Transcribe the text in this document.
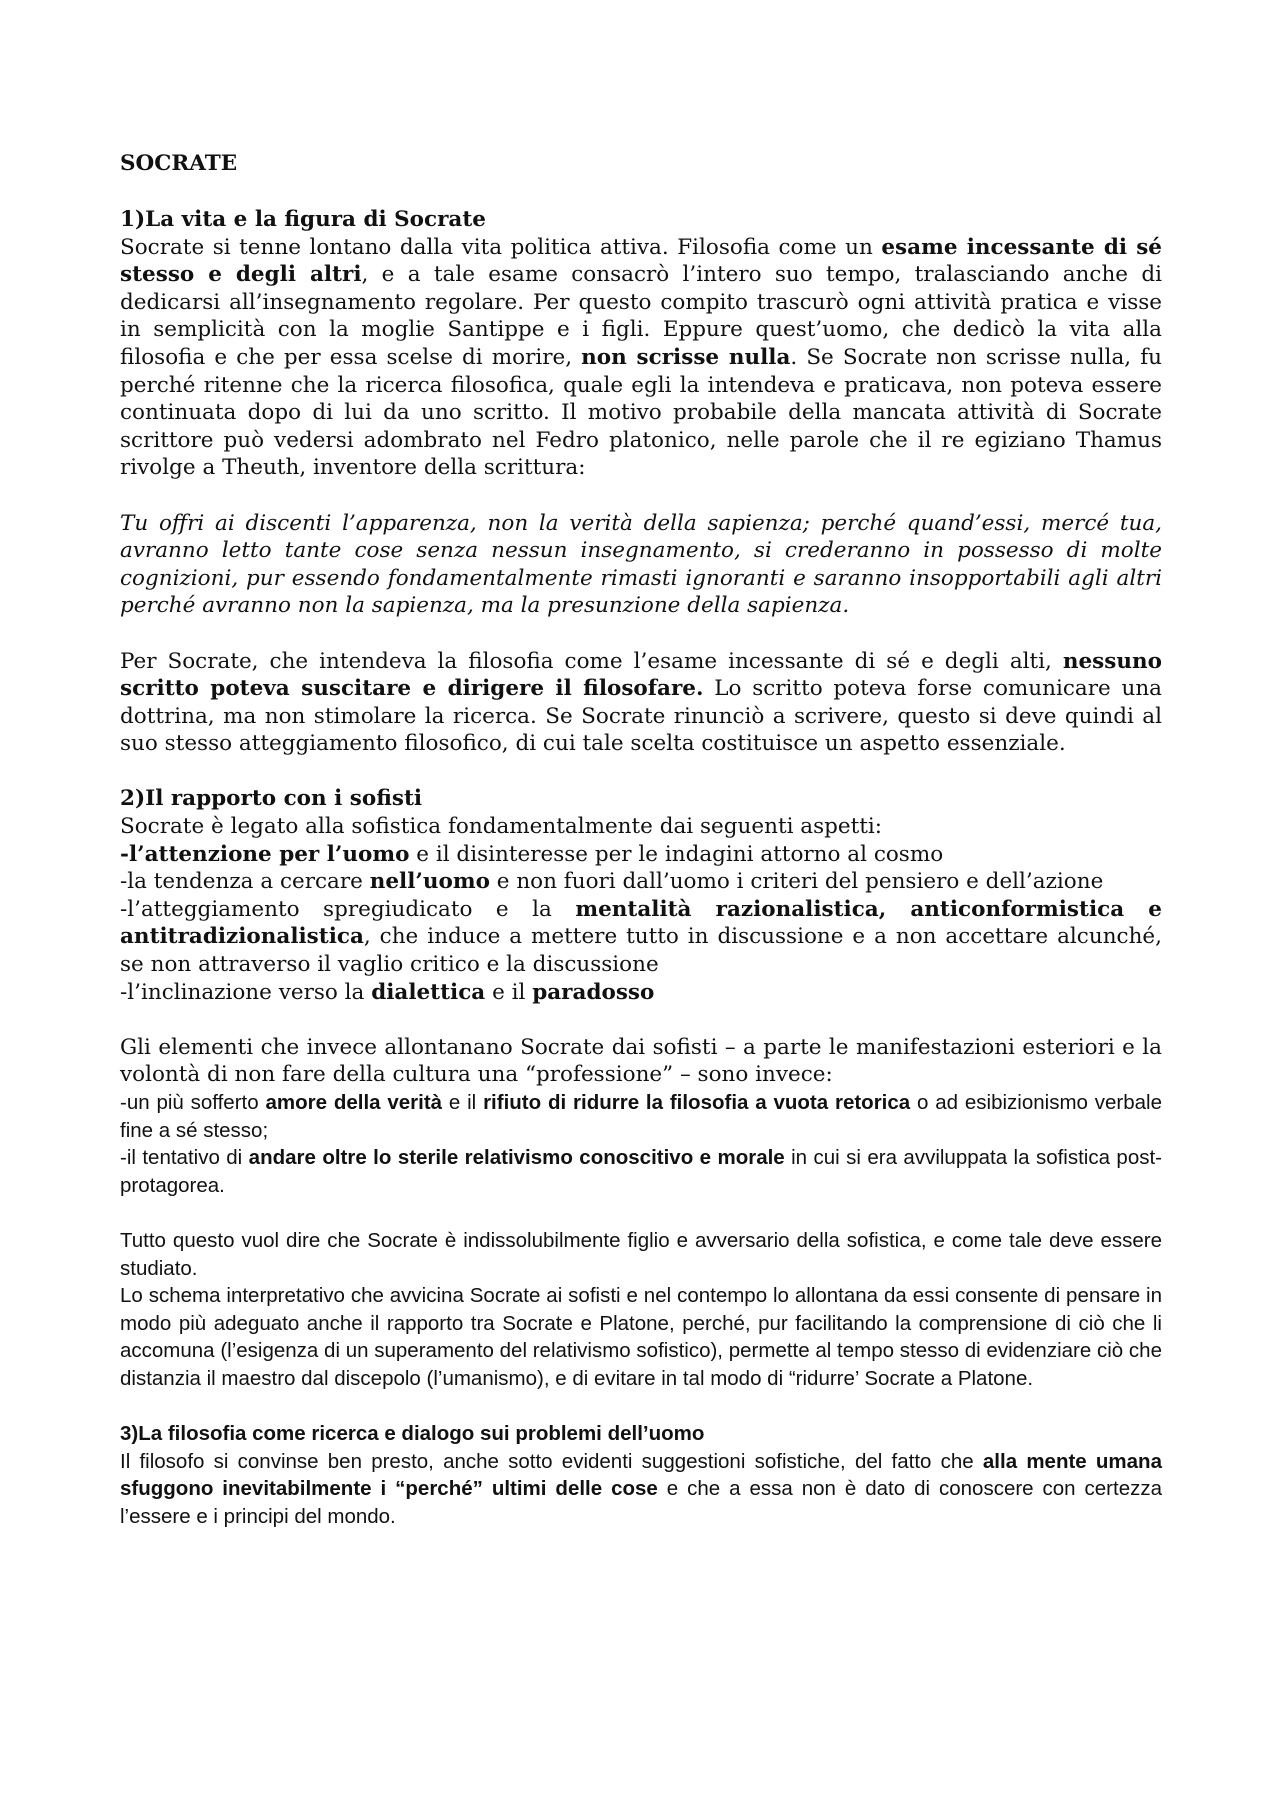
SOCRATE

1)La vita e la figura di Socrate

Socrate si tenne lontano dalla vita politica attiva. Filosofia come un esame incessante di sé stesso e degli altri, e a tale esame consacrò l’intero suo tempo, tralasciando anche di dedicarsi all’insegnamento regolare. Per questo compito trascurò ogni attività pratica e visse in semplicità con la moglie Santippe e i figli. Eppure quest’uomo, che dedicò la vita alla filosofia e che per essa scelse di morire, non scrisse nulla. Se Socrate non scrisse nulla, fu perché ritenne che la ricerca filosofica, quale egli la intendeva e praticava, non poteva essere continuata dopo di lui da uno scritto. Il motivo probabile della mancata attività di Socrate scrittore può vedersi adombrato nel Fedro platonico, nelle parole che il re egiziano Thamus rivolge a Theuth, inventore della scrittura:

Tu offri ai discenti l’apparenza, non la verità della sapienza; perché quand’essi, mercé tua, avranno letto tante cose senza nessun insegnamento, si crederanno in possesso di molte cognizioni, pur essendo fondamentalmente rimasti ignoranti e saranno insopportabili agli altri perché avranno non la sapienza, ma la presunzione della sapienza.

Per Socrate, che intendeva la filosofia come l’esame incessante di sé e degli alti, nessuno scritto poteva suscitare e dirigere il filosofare. Lo scritto poteva forse comunicare una dottrina, ma non stimolare la ricerca. Se Socrate rinunciò a scrivere, questo si deve quindi al suo stesso atteggiamento filosofico, di cui tale scelta costituisce un aspetto essenziale.

2)Il rapporto con i sofisti

Socrate è legato alla sofistica fondamentalmente dai seguenti aspetti:

-l’attenzione per l’uomo e il disinteresse per le indagini attorno al cosmo

-la tendenza a cercare nell’uomo e non fuori dall’uomo i criteri del pensiero e dell’azione

-l’atteggiamento spregiudicato e la mentalità razionalistica, anticonformistica e antitradizionalistica, che induce a mettere tutto in discussione e a non accettare alcunché, se non attraverso il vaglio critico e la discussione

-l’inclinazione verso la dialettica e il paradosso

Gli elementi che invece allontanano Socrate dai sofisti – a parte le manifestazioni esteriori e la volontà di non fare della cultura una “professione” – sono invece:

-un più sofferto amore della verità e il rifiuto di ridurre la filosofia a vuota retorica o ad esibizionismo verbale fine a sé stesso;

-il tentativo di andare oltre lo sterile relativismo conoscitivo e morale in cui si era avviluppata la sofistica post-protagorea.

Tutto questo vuol dire che Socrate è indissolubilmente figlio e avversario della sofistica, e come tale deve essere studiato.

Lo schema interpretativo che avvicina Socrate ai sofisti e nel contempo lo allontana da essi consente di pensare in modo più adeguato anche il rapporto tra Socrate e Platone, perché, pur facilitando la comprensione di ciò che li accomuna (l’esigenza di un superamento del relativismo sofistico), permette al tempo stesso di evidenziare ciò che distanzia il maestro dal discepolo (l’umanismo), e di evitare in tal modo di “ridurre’ Socrate a Platone.

3)La filosofia come ricerca e dialogo sui problemi dell’uomo

Il filosofo si convinse ben presto, anche sotto evidenti suggestioni sofistiche, del fatto che alla mente umana sfuggono inevitabilmente i “perché” ultimi delle cose e che a essa non è dato di conoscere con certezza l’essere e i principi del mondo.
